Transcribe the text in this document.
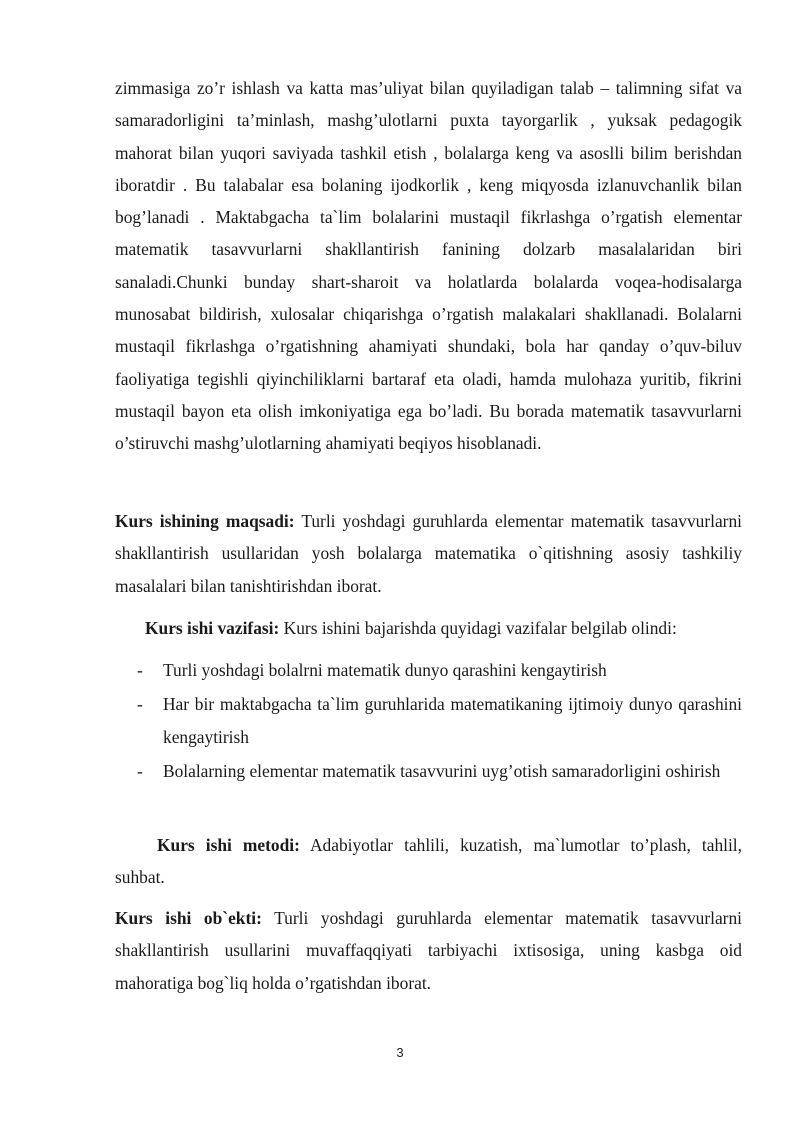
zimmasiga zo’r ishlash va katta mas’uliyat bilan quyiladigan talab – talimning sifat va samaradorligini ta’minlash, mashg’ulotlarni puxta tayorgarlik , yuksak pedagogik mahorat bilan yuqori saviyada tashkil etish , bolalarga keng va asoslli bilim berishdan iboratdir . Bu talabalar esa bolaning ijodkorlik , keng miqyosda izlanuvchanlik bilan bog’lanadi . Maktabgacha ta`lim bolalarini mustaqil fikrlashga o’rgatish elementar matematik tasavvurlarni shakllantirish fanining dolzarb masalalaridan biri sanaladi.Chunki bunday shart-sharoit va holatlarda bolalarda voqea-hodisalarga munosabat bildirish, xulosalar chiqarishga o’rgatish malakalari shakllanadi. Bolalarni mustaqil fikrlashga o’rgatishning ahamiyati shundaki, bola har qanday o’quv-biluv faoliyatiga tegishli qiyinchiliklarni bartaraf eta oladi, hamda mulohaza yuritib, fikrini mustaqil bayon eta olish imkoniyatiga ega bo’ladi. Bu borada matematik tasavvurlarni o’stiruvchi mashg’ulotlarning ahamiyati beqiyos hisoblanadi.

Kurs ishining maqsadi: Turli yoshdagi guruhlarda elementar matematik tasavvurlarni shakllantirish usullaridan yosh bolalarga matematika o`qitishning asosiy tashkiliy masalalari bilan tanishtirishdan iborat.

Kurs ishi vazifasi: Kurs ishini bajarishda quyidagi vazifalar belgilab olindi:

- Turli yoshdagi bolalrni matematik dunyo qarashini kengaytirish
- Har bir maktabgacha ta`lim guruhlarida matematikaning ijtimoiy dunyo qarashini kengaytirish
- Bolalarning elementar matematik tasavvurini uyg’otish samaradorligini oshirish

Kurs ishi metodi: Adabiyotlar tahlili, kuzatish, ma`lumotlar to’plash, tahlil, suhbat.

Kurs ishi ob`ekti: Turli yoshdagi guruhlarda elementar matematik tasavvurlarni shakllantirish usullarini muvaffaqqiyati tarbiyachi ixtisosiga, uning kasbga oid mahoratiga bog`liq holda o’rgatishdan iborat.

3
